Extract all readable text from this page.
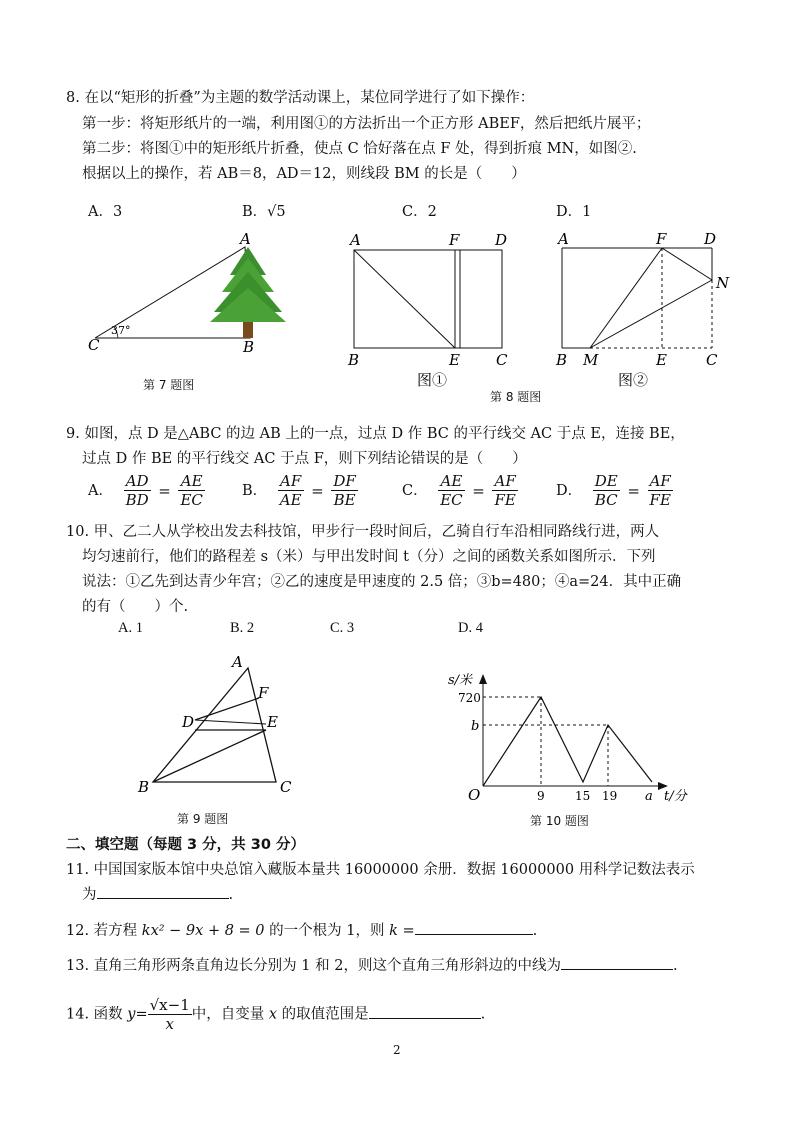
8. 在以“矩形的折叠”为主题的数学活动课上，某位同学进行了如下操作：
第一步：将矩形纸片的一端，利用图①的方法折出一个正方形 ABEF，然后把纸片展平；
第二步：将图①中的矩形纸片折叠，使点 C 恰好落在点 F 处，得到折痕 MN，如图②.
根据以上的操作，若 AB＝8，AD＝12，则线段 BM 的长是（　　）
A．3	B．√5	C．2	D．1
A
B
C
37°
第 7 题图
A	F D
B	E C
图①
A	F	D
N
B M	E	C
图②
第 8 题图
9. 如图，点 D 是△ABC 的边 AB 上的一点，过点 D 作 BC 的平行线交 AC 于点 E，连接 BE，
过点 D 作 BE 的平行线交 AC 于点 F，则下列结论错误的是（　　）
A． $\frac{AD}{BD} = \frac{AE}{EC}$	B． $\frac{AF}{AE} = \frac{DF}{BE}$	C． $\frac{AE}{EC} = \frac{AF}{FE}$	D． $\frac{DE}{BC} = \frac{AF}{FE}$
10. 甲、乙二人从学校出发去科技馆，甲步行一段时间后，乙骑自行车沿相同路线行进，两人
均匀速前行，他们的路程差 s（米）与甲出发时间 t（分）之间的函数关系如图所示．下列
说法：①乙先到达青少年宫；②乙的速度是甲速度的 2.5 倍；③b=480；④a=24．其中正确
的有（　　）个.
A. 1	B. 2	C. 3	D. 4
A
F
D	E
B	C
第 9 题图
s/米
720
b
O	9	15 19 a t/分
第 10 题图
二、填空题（每题 3 分，共 30 分）
11. 中国国家版本馆中央总馆入藏版本量共 16000000 余册．数据 16000000 用科学记数法表示
为	.
12. 若方程 kx² − 9x + 8 = 0 的一个根为 1，则 k =	.
13. 直角三角形两条直角边长分别为 1 和 2，则这个直角三角形斜边的中线为	.
14. 函数 $y= \frac{√x-1}{x}$ 中，自变量 x 的取值范围是	.
2
